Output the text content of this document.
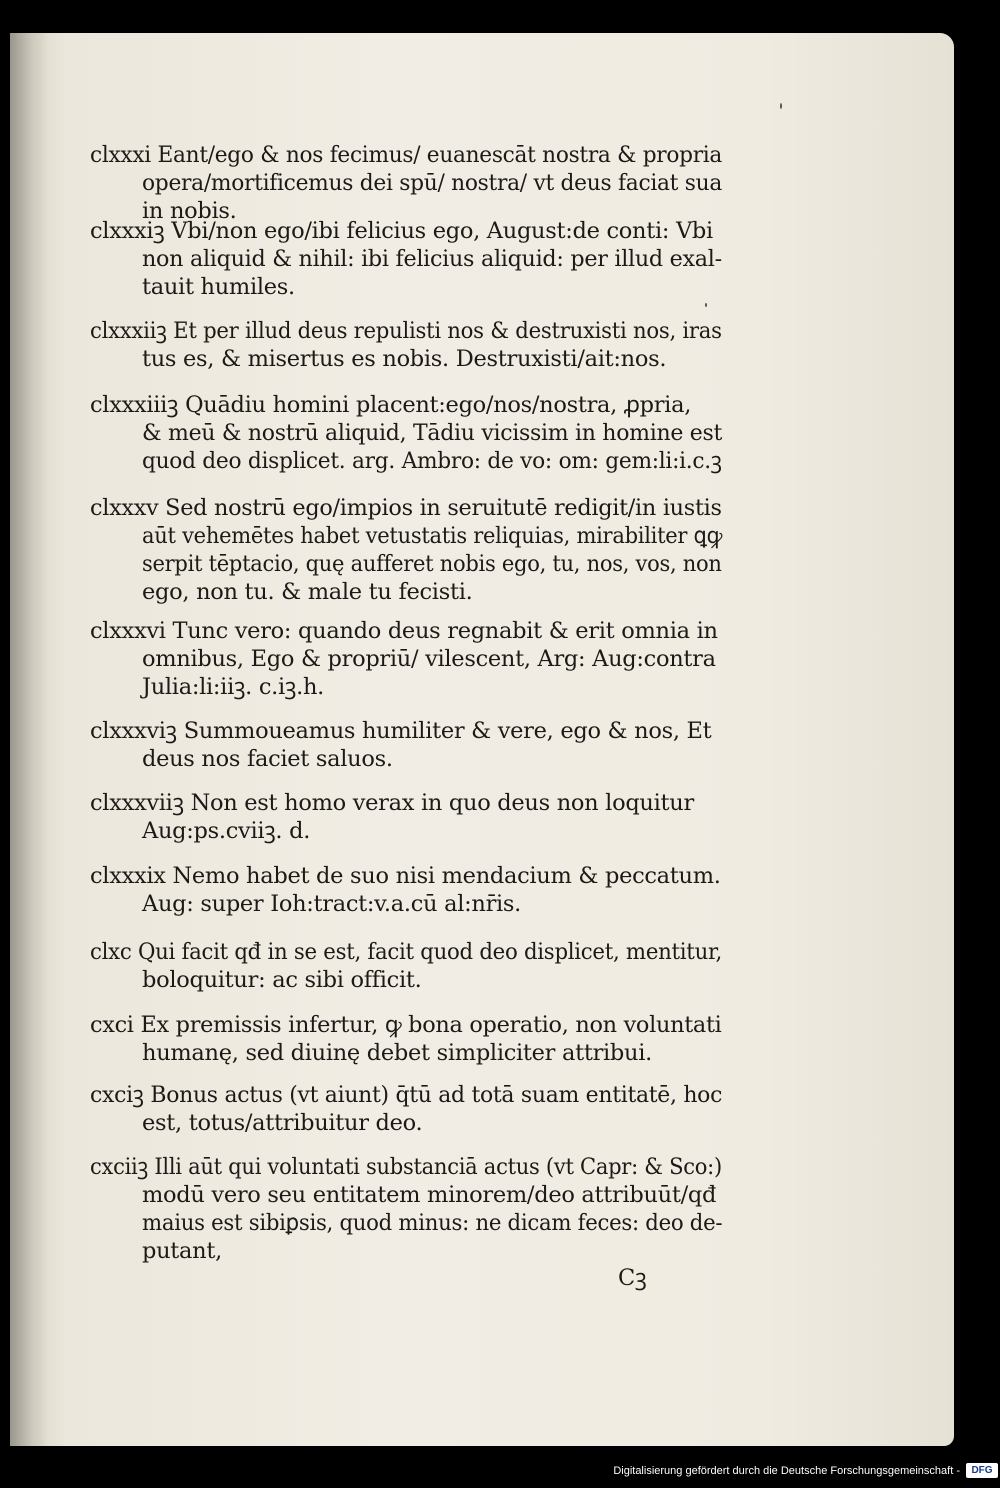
clxxxi Eant/ego & nos fecimus/ euanescāt nostra & propria
opera/mortificemus dei spū/ nostra/ vt deus faciat sua
in nobis.
clxxxiꝫ Vbi/non ego/ibi felicius ego, August:de conti: Vbi
non aliquid & nihil: ibi felicius aliquid: per illud exal-
tauit humiles.
clxxxiiꝫ Et per illud deus repulisti nos & destruxisti nos, iras
tus es, & misertus es nobis. Destruxisti/ait:nos.
clxxxiiiꝫ Quādiu homini placent:ego/nos/nostra, ꝓpria,
& meū & nostrū aliquid, Tādiu vicissim in homine est
quod deo displicet. arg. Ambro: de vo: om: gem:li:i.c.ꝫ
clxxxv Sed nostrū ego/impios in seruitutē redigit/in iustis
aūt vehemētes habet vetustatis reliquias, mirabiliter ꝗꝙ
serpit tēptacio, quę aufferet nobis ego, tu, nos, vos, non
ego, non tu. & male tu fecisti.
clxxxvi Tunc vero: quando deus regnabit & erit omnia in
omnibus, Ego & propriū/ vilescent, Arg: Aug:contra
Julia:li:iiꝫ. c.iꝫ.h.
clxxxviꝫ Summoueamus humiliter & vere, ego & nos, Et
deus nos faciet saluos.
clxxxviiꝫ Non est homo verax in quo deus non loquitur
Aug:ps.cviiꝫ. d.
clxxxix Nemo habet de suo nisi mendacium & peccatum.
Aug: super Ioh:tract:v.a.cū al:nr̄is.
clxc Qui facit qđ in se est, facit quod deo displicet, mentitur,
boloquitur: ac sibi officit.
cxci Ex premissis infertur, ꝙ bona operatio, non voluntati
humanę, sed diuinę debet simpliciter attribui.
cxciꝫ Bonus actus (vt aiunt) q̄tū ad totā suam entitatē, hoc
est, totus/attribuitur deo.
cxciiꝫ Illi aūt qui voluntati substanciā actus (vt Capr: & Sco:)
modū vero seu entitatem minorem/deo attribuūt/qđ
maius est sibiꝑsis, quod minus: ne dicam feces: deo de-
putant,
Cꝫ
Digitalisierung gefördert durch die Deutsche Forschungsgemeinschaft -	DFG
